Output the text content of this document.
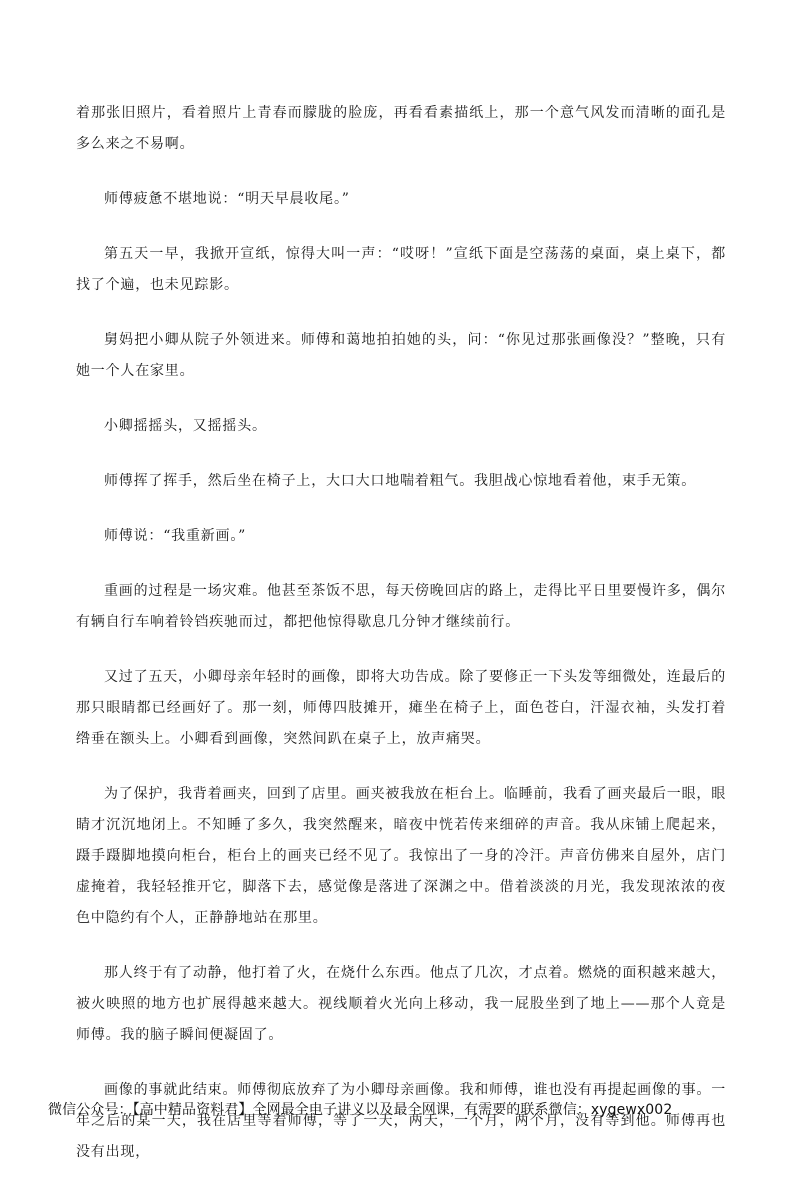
着那张旧照片，看着照片上青春而朦胧的脸庞，再看看素描纸上，那一个意气风发而清晰的面孔是多么来之不易啊。

师傅疲惫不堪地说：“明天早晨收尾。”

第五天一早，我掀开宣纸，惊得大叫一声：“哎呀！”宣纸下面是空荡荡的桌面，桌上桌下，都找了个遍，也未见踪影。

舅妈把小卿从院子外领进来。师傅和蔼地拍拍她的头，问：“你见过那张画像没？”整晚，只有她一个人在家里。

小卿摇摇头，又摇摇头。

师傅挥了挥手，然后坐在椅子上，大口大口地喘着粗气。我胆战心惊地看着他，束手无策。

师傅说：“我重新画。”

重画的过程是一场灾难。他甚至茶饭不思，每天傍晚回店的路上，走得比平日里要慢许多，偶尔有辆自行车响着铃铛疾驰而过，都把他惊得歇息几分钟才继续前行。

又过了五天，小卿母亲年轻时的画像，即将大功告成。除了要修正一下头发等细微处，连最后的那只眼睛都已经画好了。那一刻，师傅四肢摊开，瘫坐在椅子上，面色苍白，汗湿衣袖，头发打着绺垂在额头上。小卿看到画像，突然间趴在桌子上，放声痛哭。

为了保护，我背着画夹，回到了店里。画夹被我放在柜台上。临睡前，我看了画夹最后一眼，眼睛才沉沉地闭上。不知睡了多久，我突然醒来，暗夜中恍若传来细碎的声音。我从床铺上爬起来，蹑手蹑脚地摸向柜台，柜台上的画夹已经不见了。我惊出了一身的冷汗。声音仿佛来自屋外，店门虚掩着，我轻轻推开它，脚落下去，感觉像是落进了深渊之中。借着淡淡的月光，我发现浓浓的夜色中隐约有个人，正静静地站在那里。

那人终于有了动静，他打着了火，在烧什么东西。他点了几次，才点着。燃烧的面积越来越大，被火映照的地方也扩展得越来越大。视线顺着火光向上移动，我一屁股坐到了地上——那个人竟是师傅。我的脑子瞬间便凝固了。

画像的事就此结束。师傅彻底放弃了为小卿母亲画像。我和师傅，谁也没有再提起画像的事。一年之后的某一天，我在店里等着师傅，等了一天，两天，一个月，两个月，没有等到他。师傅再也没有出现，

微信公众号：【高中精品资料君】全网最全电子讲义以及最全网课，有需要的联系微信：xygewx002
